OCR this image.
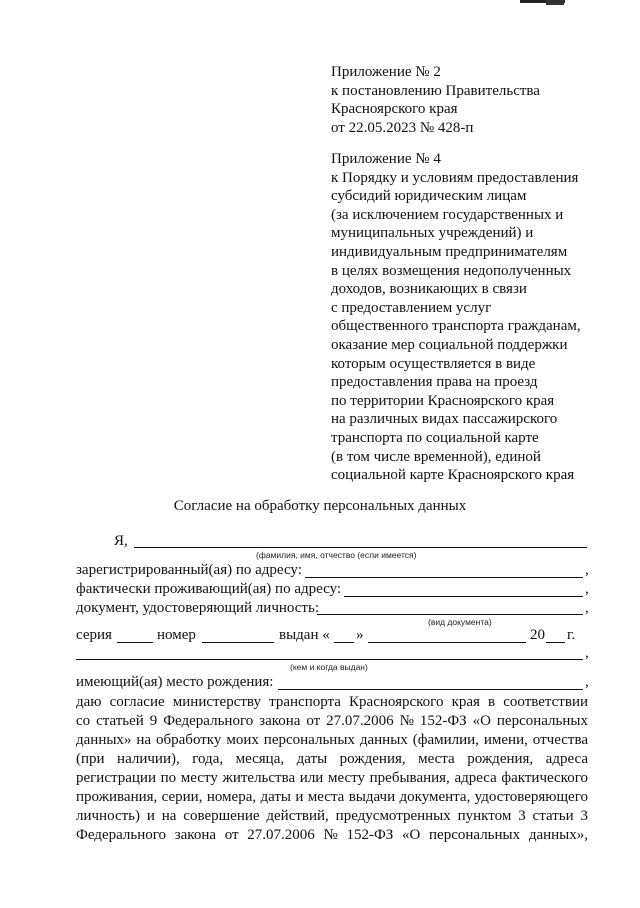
Приложение № 2
к постановлению Правительства
Красноярского края
от 22.05.2023 № 428-п
Приложение № 4
к Порядку и условиям предоставления
субсидий юридическим лицам
(за исключением государственных и
муниципальных учреждений) и
индивидуальным предпринимателям
в целях возмещения недополученных
доходов, возникающих в связи
с предоставлением услуг
общественного транспорта гражданам,
оказание мер социальной поддержки
которым осуществляется в виде
предоставления права на проезд
по территории Красноярского края
на различных видах пассажирского
транспорта по социальной карте
(в том числе временной), единой
социальной карте Красноярского края
Согласие на обработку персональных данных
Я,
(фамилия, имя, отчество (если имеется)
зарегистрированный(ая) по адресу:	,
фактически проживающий(ая) по адресу:	,
документ, удостоверяющий личность:	,
(вид документа)
серия	номер	выдан « »	20 г.
,
(кем и когда выдан)
имеющий(ая) место рождения:	,
даю согласие министерству транспорта Красноярского края в соответствии
со статьей 9 Федерального закона от 27.07.2006 № 152-ФЗ «О персональных
данных» на обработку моих персональных данных (фамилии, имени, отчества
(при наличии), года, месяца, даты рождения, места рождения, адреса
регистрации по месту жительства или месту пребывания, адреса фактического
проживания, серии, номера, даты и места выдачи документа, удостоверяющего
личность) и на совершение действий, предусмотренных пунктом 3 статьи 3
Федерального закона от 27.07.2006 № 152-ФЗ «О персональных данных»,
